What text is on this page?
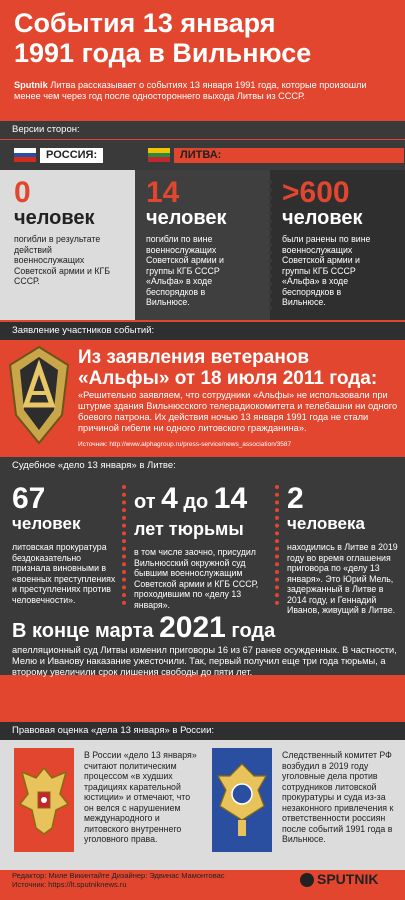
События 13 января
1991 года в Вильнюсе
Sputnik Литва рассказывает о событиях 13 января 1991 года, которые произошли менее чем через год после одностороннего выхода Литвы из СССР.
Версии сторон:
РОССИЯ:	ЛИТВА:
0
человек
погибли в результате действий военнослужащих Советской армии и КГБ СССР.
14
человек
погибли по вине военнослужащих Советской армии и группы КГБ СССР «Альфа» в ходе беспорядков в Вильнюсе.
>600
человек
были ранены по вине военнослужащих Советской армии и группы КГБ СССР «Альфа» в ходе беспорядков в Вильнюсе.
Заявление участников событий:
Из заявления ветеранов
«Альфы» от 18 июля 2011 года:
«Решительно заявляем, что сотрудники «Альфы» не использовали при штурме здания Вильнюсского телерадиокомитета и телебашни ни одного боевого патрона. Их действия ночью 13 января 1991 года не стали причиной гибели ни одного литовского гражданина».
Источник: http://www.alphagroup.ru/press-service/news_association/3587
Судебное «дело 13 января» в Литве:
67
человек
литовская прокуратура бездоказательно признала виновными в «военных преступлениях и преступлениях против человечности».
от 4 до 14
лет тюрьмы
в том числе заочно, присудил Вильнюсский окружной суд бывшим военнослужащим Советской армии и КГБ СССР, проходившим по «делу 13 января».
2
человека
находились в Литве в 2019 году во время оглашения приговора по «делу 13 января». Это Юрий Мель, задержанный в Литве в 2014 году, и Геннадий Иванов, живущий в Литве.
В конце марта 2021 года
апелляционный суд Литвы изменил приговоры 16 из 67 ранее осужденных. В частности, Мелю и Иванову наказание ужесточили. Так, первый получил еще три года тюрьмы, а второму увеличили срок лишения свободы до пяти лет.
Правовая оценка «дела 13 января» в России:
В России «дело 13 января» считают политическим процессом «в худших традициях карательной юстиции» и отмечают, что он велся с нарушением международного и литовского внутреннего уголовного права.
Следственный комитет РФ возбудил в 2019 году уголовные дела против сотрудников литовской прокуратуры и суда из-за незаконного привлечения к ответственности россиян после событий 1991 года в Вильнюсе.
Редактор: Миле Викинтайте Дизайнер: Эдвинас Мамонтовас
Источник: https://lt.sputniknews.ru	SPUTNIK
